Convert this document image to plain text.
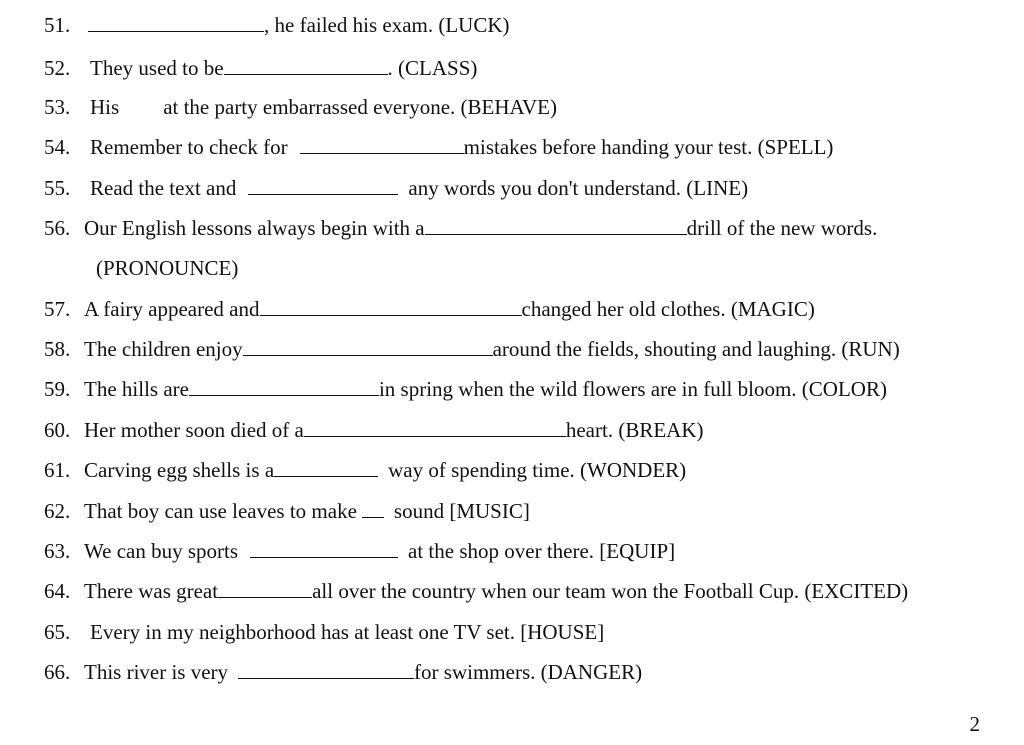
51.	, he failed his exam. (LUCK)
52. They used to be	. (CLASS)
53. His at the party embarrassed everyone. (BEHAVE)
54. Remember to check for	mistakes before handing your test. (SPELL)
55. Read the text and	any words you don't understand. (LINE)
56. Our English lessons always begin with a	drill of the new words.
(PRONOUNCE)
57. A fairy appeared and	changed her old clothes. (MAGIC)
58. The children enjoy	around the fields, shouting and laughing. (RUN)
59. The hills are	in spring when the wild flowers are in full bloom. (COLOR)
60. Her mother soon died of a	heart. (BREAK)
61. Carving egg shells is a	way of spending time. (WONDER)
62. That boy can use leaves to make sound [MUSIC]
63. We can buy sports	at the shop over there. [EQUIP]
64. There was great	all over the country when our team won the Football Cup. (EXCITED)
65. Every in my neighborhood has at least one TV set. [HOUSE]
66. This river is very	for swimmers. (DANGER)
2
